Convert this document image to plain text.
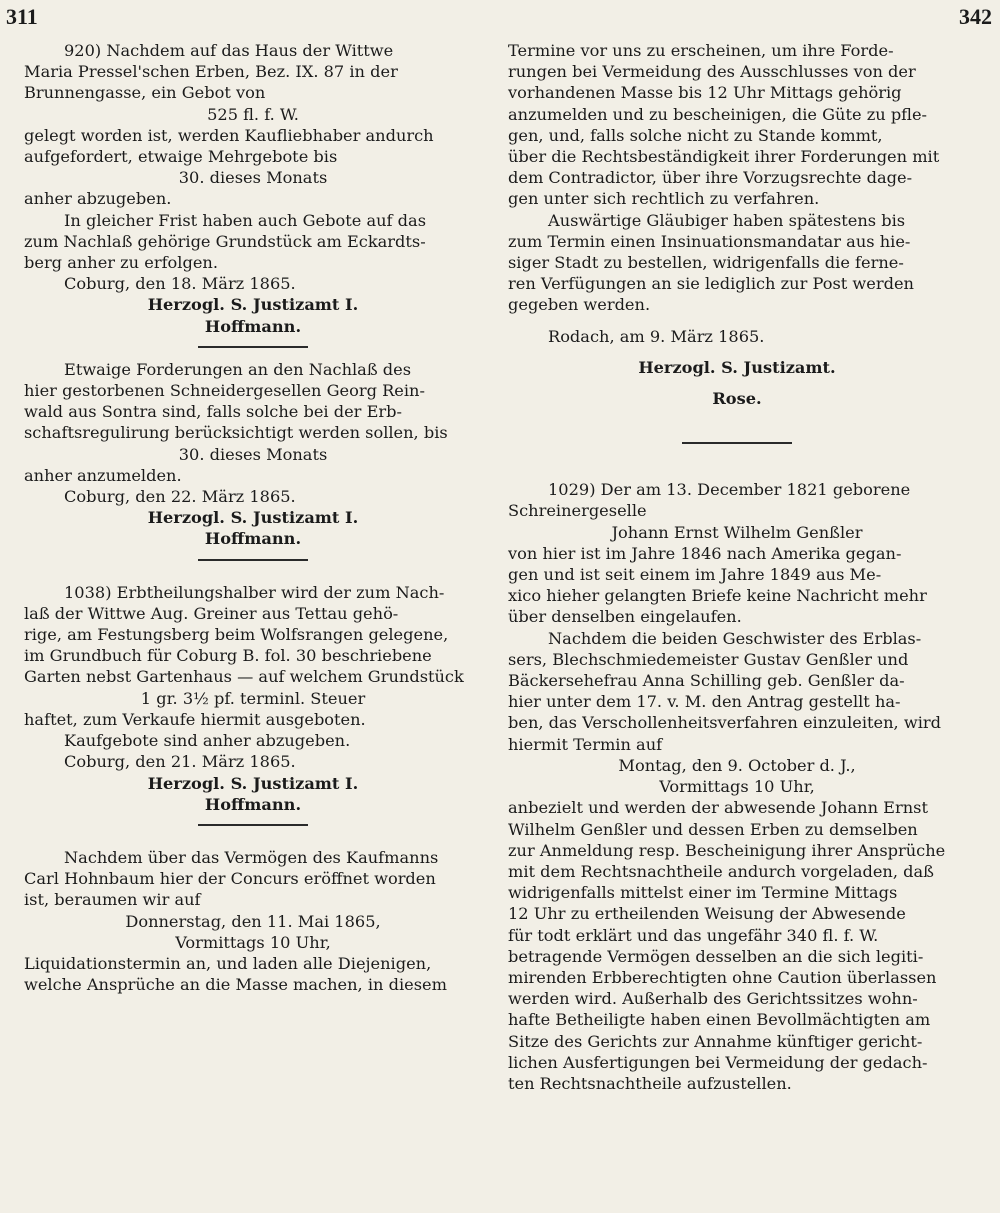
311	342
920) Nachdem auf das Haus der Wittwe
Maria Pressel'schen Erben, Bez. IX. 87 in der
Brunnengasse, ein Gebot von
525 fl. f. W.
gelegt worden ist, werden Kaufliebhaber andurch
aufgefordert, etwaige Mehrgebote bis
30. dieses Monats
anher abzugeben.
In gleicher Frist haben auch Gebote auf das
zum Nachlaß gehörige Grundstück am Eckardts-
berg anher zu erfolgen.
Coburg, den 18. März 1865.
Herzogl. S. Justizamt I.
Hoffmann.
Etwaige Forderungen an den Nachlaß des
hier gestorbenen Schneidergesellen Georg Rein-
wald aus Sontra sind, falls solche bei der Erb-
schaftsregulirung berücksichtigt werden sollen, bis
30. dieses Monats
anher anzumelden.
Coburg, den 22. März 1865.
Herzogl. S. Justizamt I.
Hoffmann.
1038) Erbtheilungshalber wird der zum Nach-
laß der Wittwe Aug. Greiner aus Tettau gehö-
rige, am Festungsberg beim Wolfsrangen gelegene,
im Grundbuch für Coburg B. fol. 30 beschriebene
Garten nebst Gartenhaus — auf welchem Grundstück
1 gr. 3½ pf. terminl. Steuer
haftet, zum Verkaufe hiermit ausgeboten.
Kaufgebote sind anher abzugeben.
Coburg, den 21. März 1865.
Herzogl. S. Justizamt I.
Hoffmann.
Nachdem über das Vermögen des Kaufmanns
Carl Hohnbaum hier der Concurs eröffnet worden
ist, beraumen wir auf
Donnerstag, den 11. Mai 1865,
Vormittags 10 Uhr,
Liquidationstermin an, und laden alle Diejenigen,
welche Ansprüche an die Masse machen, in diesem
Termine vor uns zu erscheinen, um ihre Forde-
rungen bei Vermeidung des Ausschlusses von der
vorhandenen Masse bis 12 Uhr Mittags gehörig
anzumelden und zu bescheinigen, die Güte zu pfle-
gen, und, falls solche nicht zu Stande kommt,
über die Rechtsbeständigkeit ihrer Forderungen mit
dem Contradictor, über ihre Vorzugsrechte dage-
gen unter sich rechtlich zu verfahren.
Auswärtige Gläubiger haben spätestens bis
zum Termin einen Insinuationsmandatar aus hie-
siger Stadt zu bestellen, widrigenfalls die ferne-
ren Verfügungen an sie lediglich zur Post werden
gegeben werden.
Rodach, am 9. März 1865.
Herzogl. S. Justizamt.
Rose.
1029) Der am 13. December 1821 geborene
Schreinergeselle
Johann Ernst Wilhelm Genßler
von hier ist im Jahre 1846 nach Amerika gegan-
gen und ist seit einem im Jahre 1849 aus Me-
xico hieher gelangten Briefe keine Nachricht mehr
über denselben eingelaufen.
Nachdem die beiden Geschwister des Erblas-
sers, Blechschmiedemeister Gustav Genßler und
Bäckersehefrau Anna Schilling geb. Genßler da-
hier unter dem 17. v. M. den Antrag gestellt ha-
ben, das Verschollenheitsverfahren einzuleiten, wird
hiermit Termin auf
Montag, den 9. October d. J.,
Vormittags 10 Uhr,
anbezielt und werden der abwesende Johann Ernst
Wilhelm Genßler und dessen Erben zu demselben
zur Anmeldung resp. Bescheinigung ihrer Ansprüche
mit dem Rechtsnachtheile andurch vorgeladen, daß
widrigenfalls mittelst einer im Termine Mittags
12 Uhr zu ertheilenden Weisung der Abwesende
für todt erklärt und das ungefähr 340 fl. f. W.
betragende Vermögen desselben an die sich legiti-
mirenden Erbberechtigten ohne Caution überlassen
werden wird. Außerhalb des Gerichtssitzes wohn-
hafte Betheiligte haben einen Bevollmächtigten am
Sitze des Gerichts zur Annahme künftiger gericht-
lichen Ausfertigungen bei Vermeidung der gedach-
ten Rechtsnachtheile aufzustellen.
